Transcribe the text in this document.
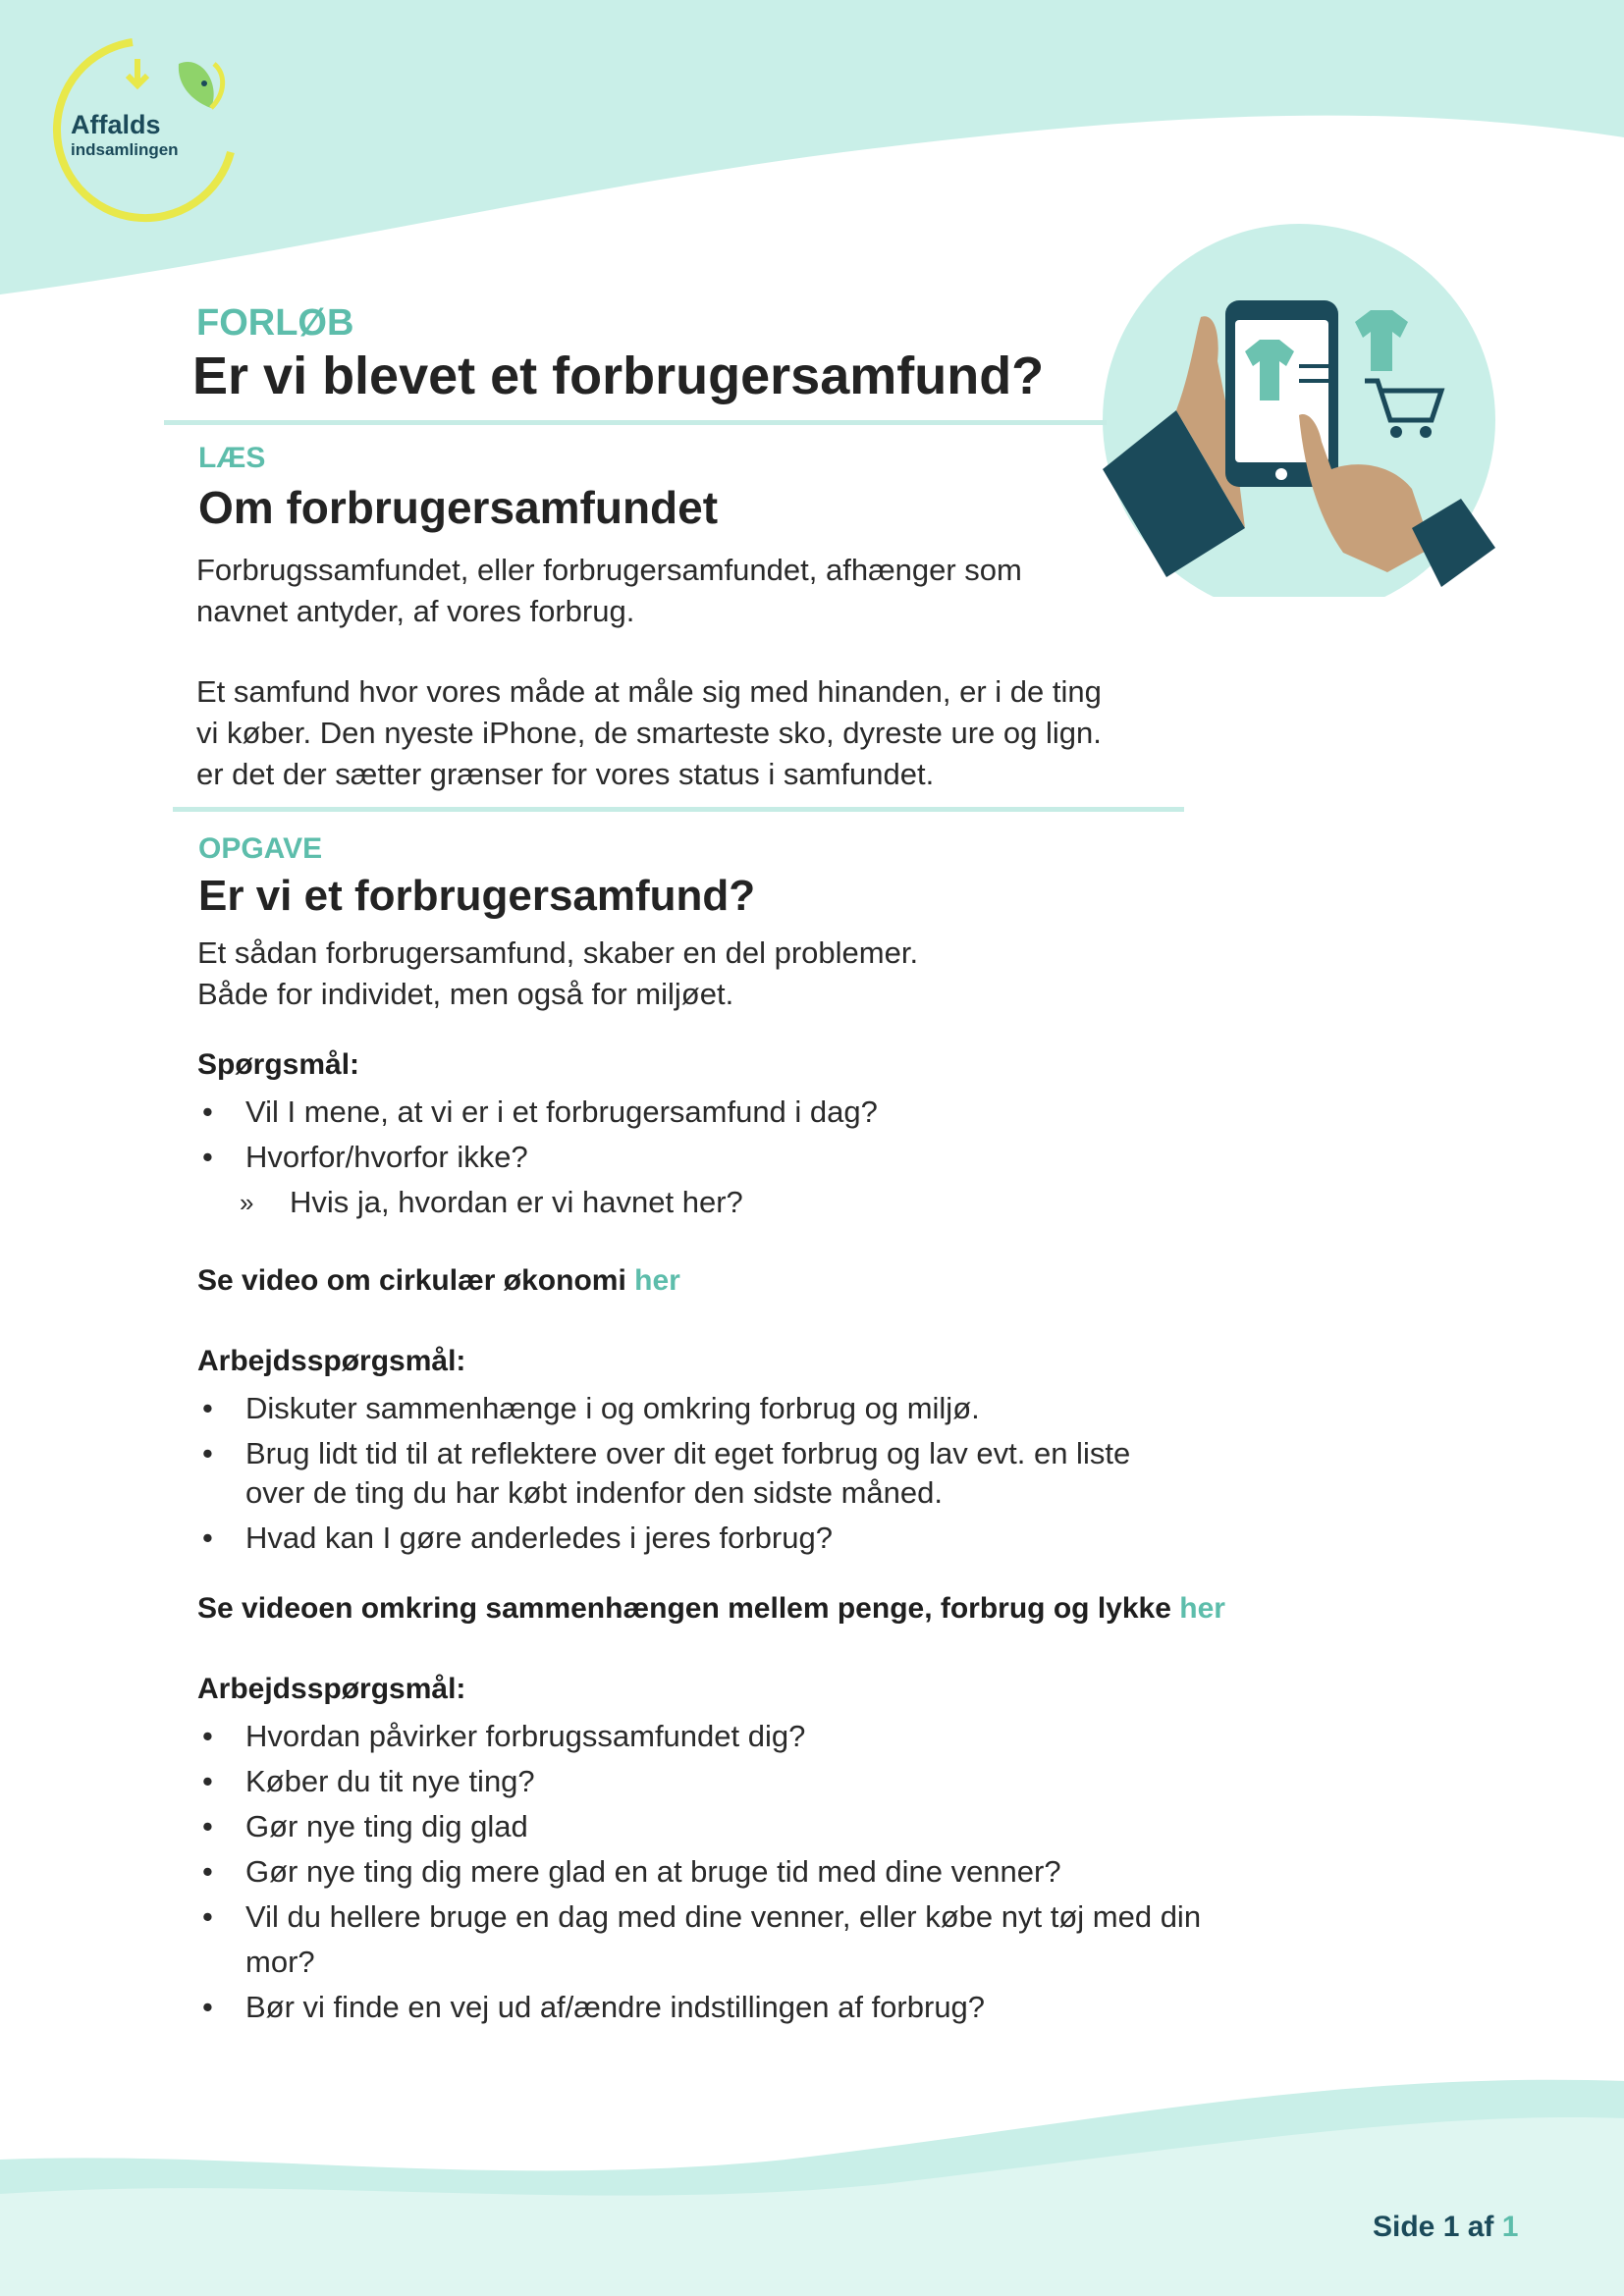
Affalds
indsamlingen
FORLØB
Er vi blevet et forbrugersamfund?
LÆS
Om forbrugersamfundet

Forbrugssamfundet, eller forbrugersamfundet, afhænger som

navnet antyder, af vores forbrug.

Et samfund hvor vores måde at måle sig med hinanden, er i de ting

vi køber. Den nyeste iPhone, de smarteste sko, dyreste ure og lign.

er det der sætter grænser for vores status i samfundet.

OPGAVE
Er vi et forbrugersamfund?

Et sådan forbrugersamfund, skaber en del problemer.

Både for individet, men også for miljøet.

Spørgsmål:
• Vil I mene, at vi er i et forbrugersamfund i dag?
• Hvorfor/hvorfor ikke?
» Hvis ja, hvordan er vi havnet her?
Se video om cirkulær økonomi her
Arbejdsspørgsmål:
• Diskuter sammenhænge i og omkring forbrug og miljø.
• Brug lidt tid til at reflektere over dit eget forbrug og lav evt. en liste
over de ting du har købt indenfor den sidste måned.
• Hvad kan I gøre anderledes i jeres forbrug?
Se videoen omkring sammenhængen mellem penge, forbrug og lykke her
Arbejdsspørgsmål:
• Hvordan påvirker forbrugssamfundet dig?
• Køber du tit nye ting?
• Gør nye ting dig glad
• Gør nye ting dig mere glad en at bruge tid med dine venner?
• Vil du hellere bruge en dag med dine venner, eller købe nyt tøj med din
mor?
• Bør vi finde en vej ud af/ændre indstillingen af forbrug?
Side 1 af 1
